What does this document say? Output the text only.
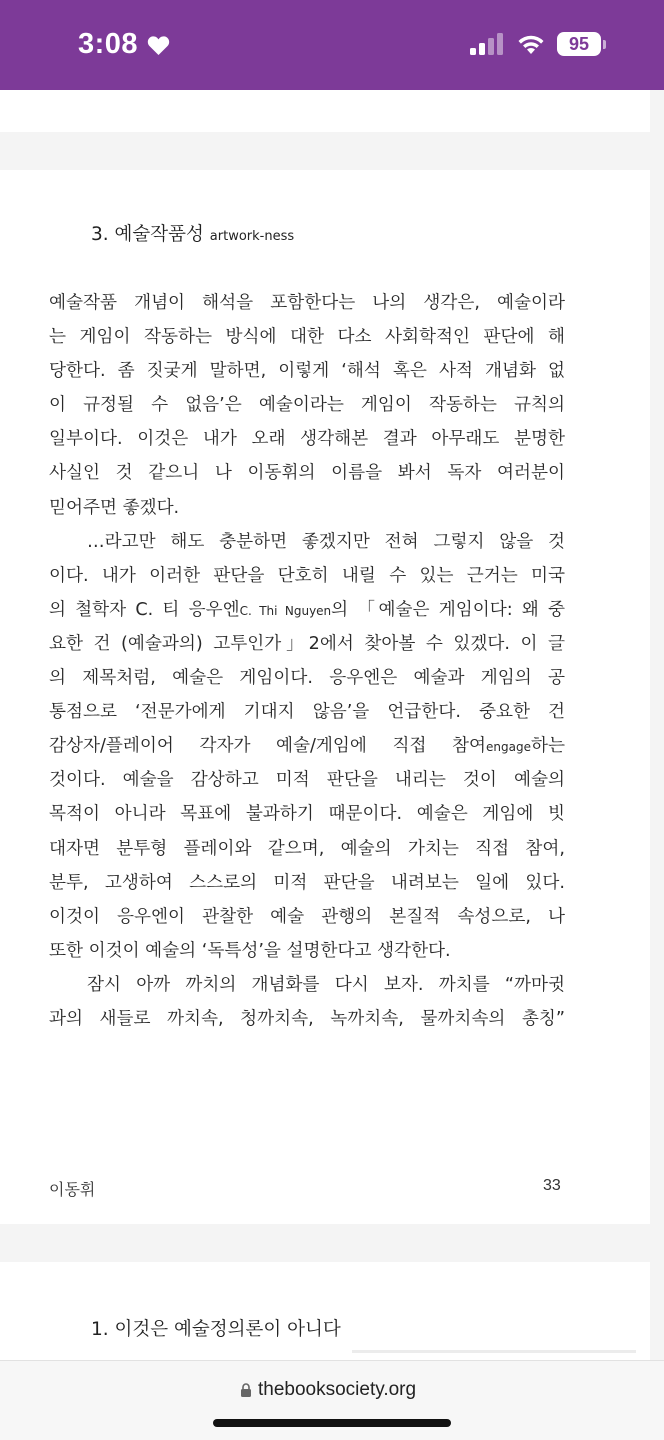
3:08	95
3. 예술작품성 artwork-ness
예술작품 개념이 해석을 포함한다는 나의 생각은, 예술이라
는 게임이 작동하는 방식에 대한 다소 사회학적인 판단에 해
당한다. 좀 짓궂게 말하면, 이렇게 ‘해석 혹은 사적 개념화 없
이 규정될 수 없음’은 예술이라는 게임이 작동하는 규칙의
일부이다. 이것은 내가 오래 생각해본 결과 아무래도 분명한
사실인 것 같으니 나 이동휘의 이름을 봐서 독자 여러분이
믿어주면 좋겠다.
…라고만 해도 충분하면 좋겠지만 전혀 그렇지 않을 것
이다. 내가 이러한 판단을 단호히 내릴 수 있는 근거는 미국
의 철학자 C. 티 응우엔C. Thi Nguyen의 「예술은 게임이다: 왜 중
요한 건 (예술과의) 고투인가」2에서 찾아볼 수 있겠다. 이 글
의 제목처럼, 예술은 게임이다. 응우엔은 예술과 게임의 공
통점으로 ‘전문가에게 기대지 않음’을 언급한다. 중요한 건
감상자/플레이어 각자가 예술/게임에 직접 참여engage하는
것이다. 예술을 감상하고 미적 판단을 내리는 것이 예술의
목적이 아니라 목표에 불과하기 때문이다. 예술은 게임에 빗
대자면 분투형 플레이와 같으며, 예술의 가치는 직접 참여,
분투, 고생하여 스스로의 미적 판단을 내려보는 일에 있다.
이것이 응우엔이 관찰한 예술 관행의 본질적 속성으로, 나
또한 이것이 예술의 ‘독특성’을 설명한다고 생각한다.
잠시 아까 까치의 개념화를 다시 보자. 까치를 “까마귓
과의 새들로 까치속, 청까치속, 녹까치속, 물까치속의 총칭”
이동휘	33
1. 이것은 예술정의론이 아니다
thebooksociety.org
